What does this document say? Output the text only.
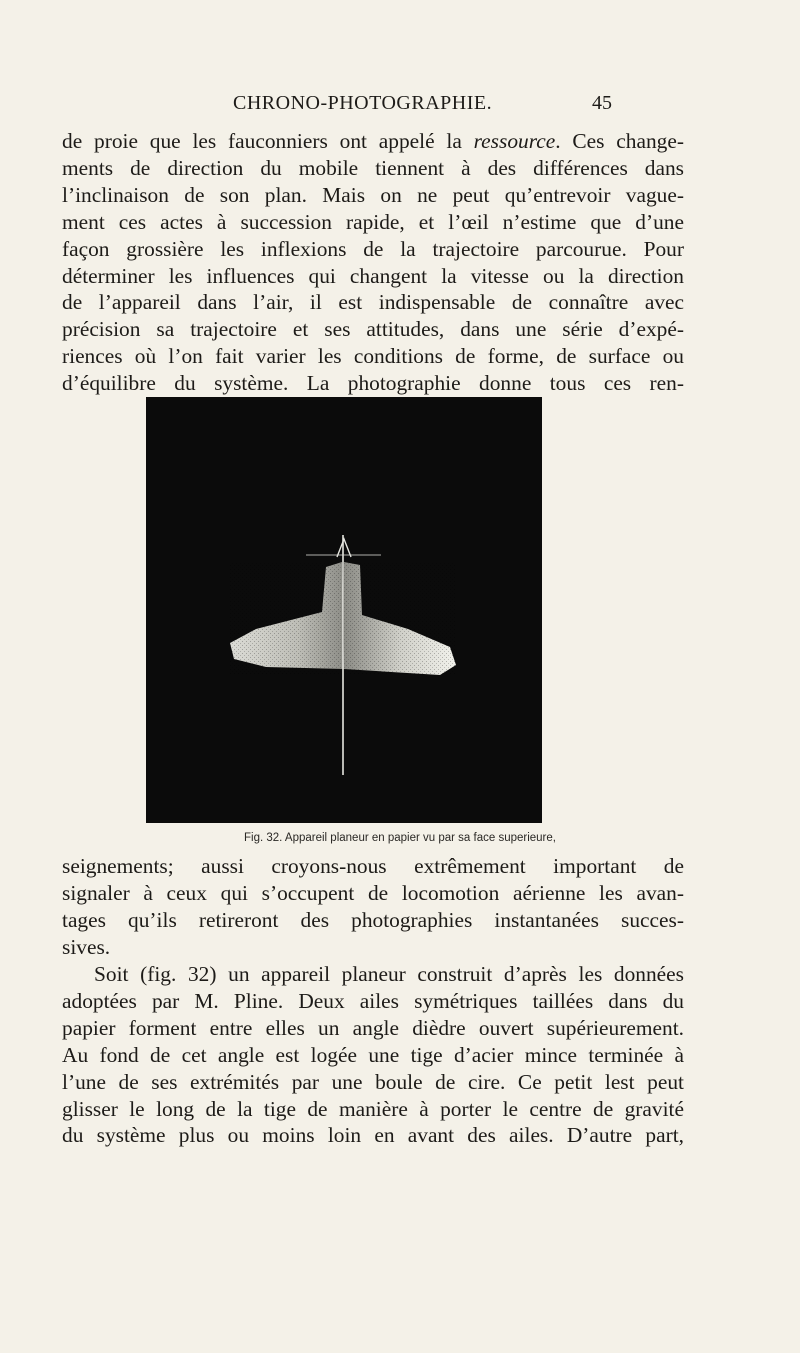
CHRONO-PHOTOGRAPHIE.	45
de proie que les fauconniers ont appelé la ressource. Ces change-
ments de direction du mobile tiennent à des différences dans
l’inclinaison de son plan. Mais on ne peut qu’entrevoir vague-
ment ces actes à succession rapide, et l’œil n’estime que d’une
façon grossière les inflexions de la trajectoire parcourue. Pour
déterminer les influences qui changent la vitesse ou la direction
de l’appareil dans l’air, il est indispensable de connaître avec
précision sa trajectoire et ses attitudes, dans une série d’expé-
riences où l’on fait varier les conditions de forme, de surface ou
d’équilibre du système. La photographie donne tous ces ren-
Fig. 32. Appareil planeur en papier vu par sa face superieure,
seignements; aussi croyons-nous extrêmement important de
signaler à ceux qui s’occupent de locomotion aérienne les avan-
tages qu’ils retireront des photographies instantanées succes-
sives.
Soit (fig. 32) un appareil planeur construit d’après les données
adoptées par M. Pline. Deux ailes symétriques taillées dans du
papier forment entre elles un angle dièdre ouvert supérieurement.
Au fond de cet angle est logée une tige d’acier mince terminée à
l’une de ses extrémités par une boule de cire. Ce petit lest peut
glisser le long de la tige de manière à porter le centre de gravité
du système plus ou moins loin en avant des ailes. D’autre part,
